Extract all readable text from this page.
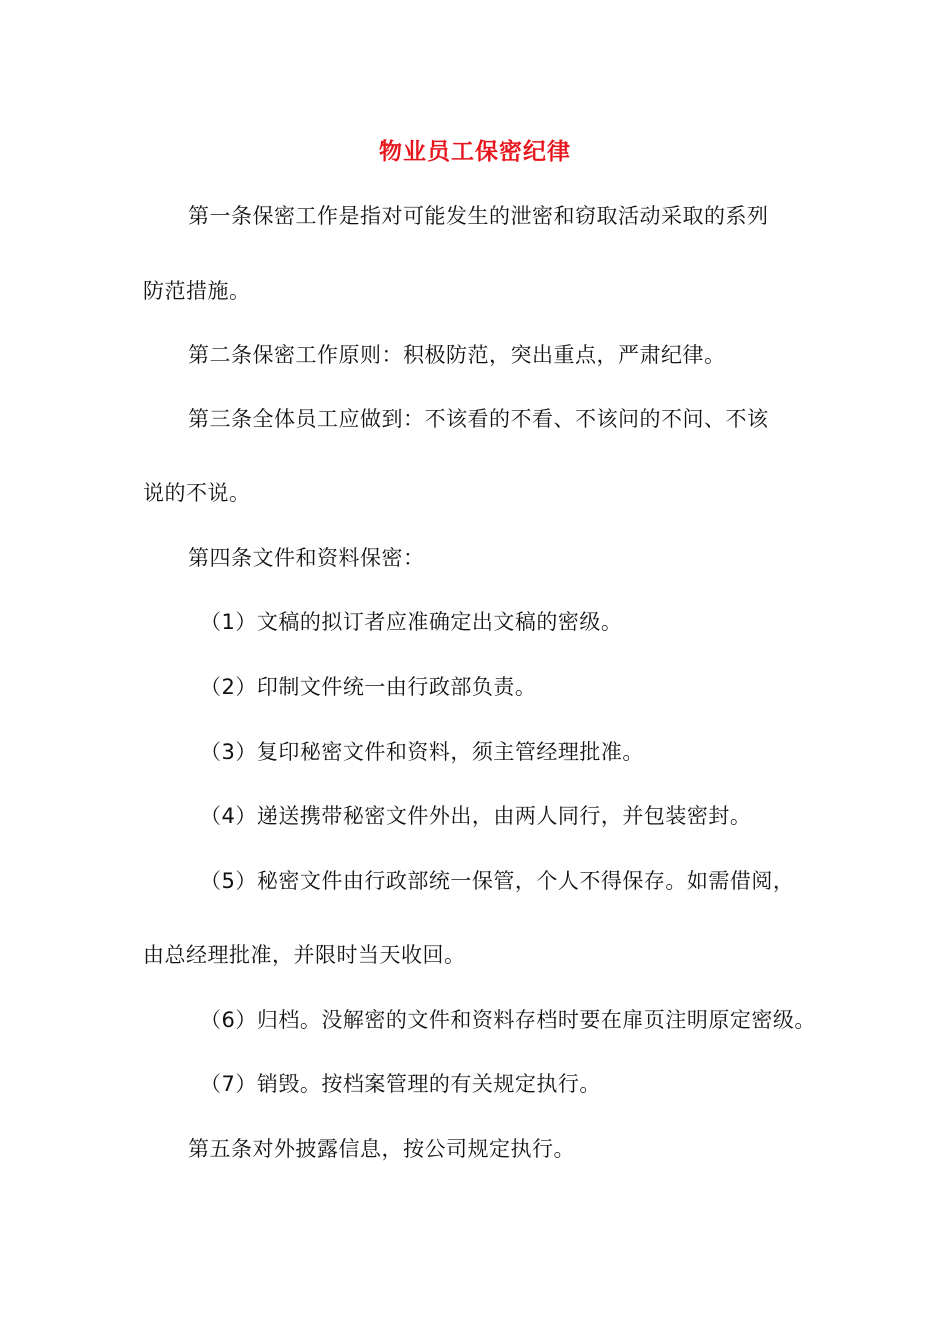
物业员工保密纪律
第一条保密工作是指对可能发生的泄密和窃取活动采取的系列
防范措施。
第二条保密工作原则：积极防范，突出重点，严肃纪律。
第三条全体员工应做到：不该看的不看、不该问的不问、不该
说的不说。
第四条文件和资料保密：
（1）文稿的拟订者应准确定出文稿的密级。
（2）印制文件统一由行政部负责。
（3）复印秘密文件和资料，须主管经理批准。
（4）递送携带秘密文件外出，由两人同行，并包装密封。
（5）秘密文件由行政部统一保管，个人不得保存。如需借阅，
由总经理批准，并限时当天收回。
（6）归档。没解密的文件和资料存档时要在扉页注明原定密级。
（7）销毁。按档案管理的有关规定执行。
第五条对外披露信息，按公司规定执行。
